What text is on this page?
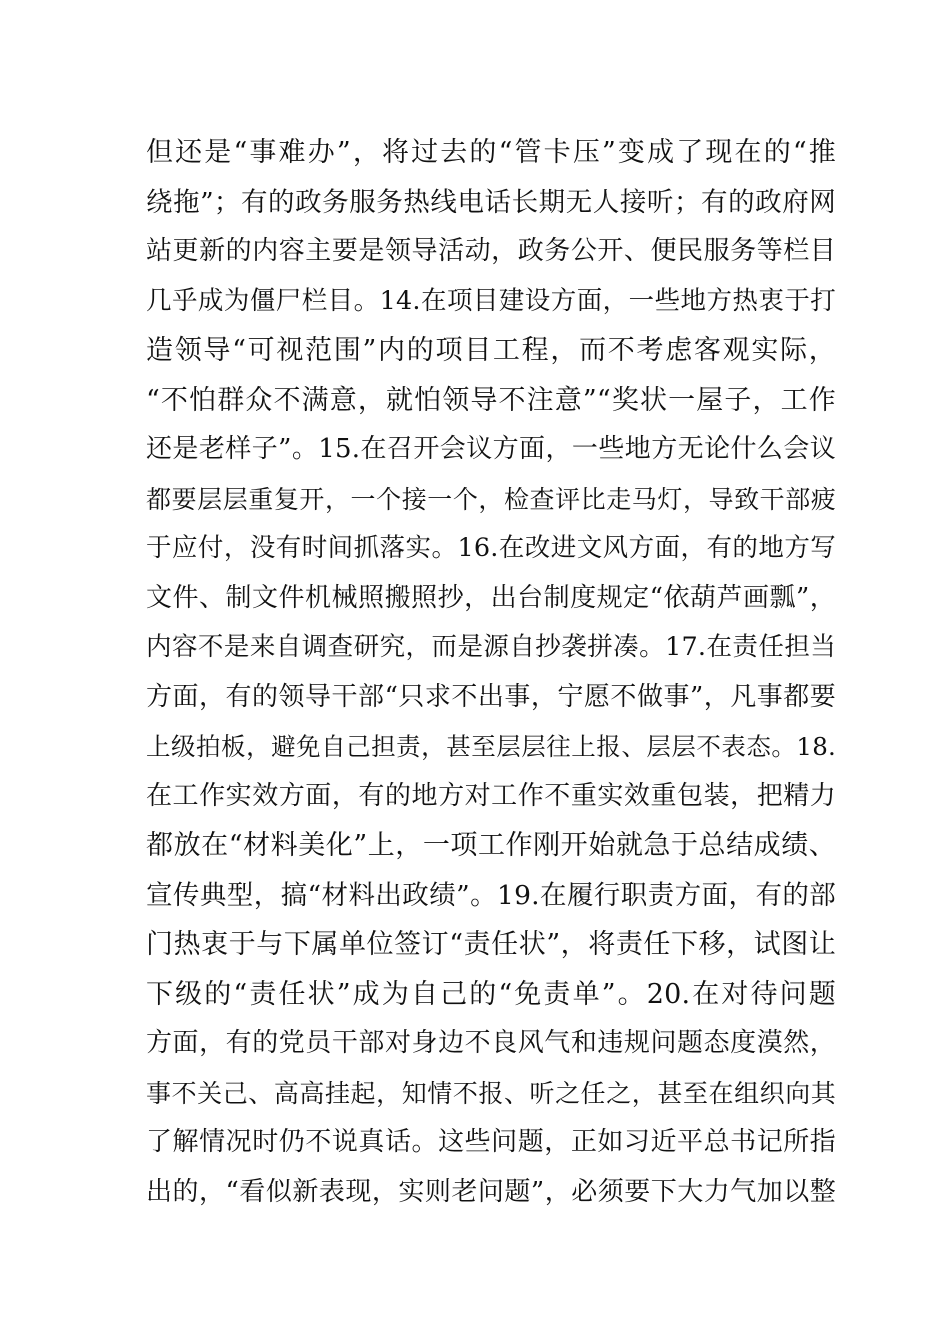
但还是“事难办”，将过去的“管卡压”变成了现在的“推
绕拖”；有的政务服务热线电话长期无人接听；有的政府网
站更新的内容主要是领导活动，政务公开、便民服务等栏目
几乎成为僵尸栏目。14.在项目建设方面，一些地方热衷于打
造领导“可视范围”内的项目工程，而不考虑客观实际，
“不怕群众不满意，就怕领导不注意”“奖状一屋子，工作
还是老样子”。15.在召开会议方面，一些地方无论什么会议
都要层层重复开，一个接一个，检查评比走马灯，导致干部疲
于应付，没有时间抓落实。16.在改进文风方面，有的地方写
文件、制文件机械照搬照抄，出台制度规定“依葫芦画瓢”，
内容不是来自调查研究，而是源自抄袭拼凑。17.在责任担当
方面，有的领导干部“只求不出事，宁愿不做事”，凡事都要
上级拍板，避免自己担责，甚至层层往上报、层层不表态。18.
在工作实效方面，有的地方对工作不重实效重包装，把精力
都放在“材料美化”上，一项工作刚开始就急于总结成绩、
宣传典型，搞“材料出政绩”。19.在履行职责方面，有的部
门热衷于与下属单位签订“责任状”，将责任下移，试图让
下级的“责任状”成为自己的“免责单”。20.在对待问题
方面，有的党员干部对身边不良风气和违规问题态度漠然，
事不关己、高高挂起，知情不报、听之任之，甚至在组织向其
了解情况时仍不说真话。这些问题，正如习近平总书记所指
出的，“看似新表现，实则老问题”，必须要下大力气加以整
